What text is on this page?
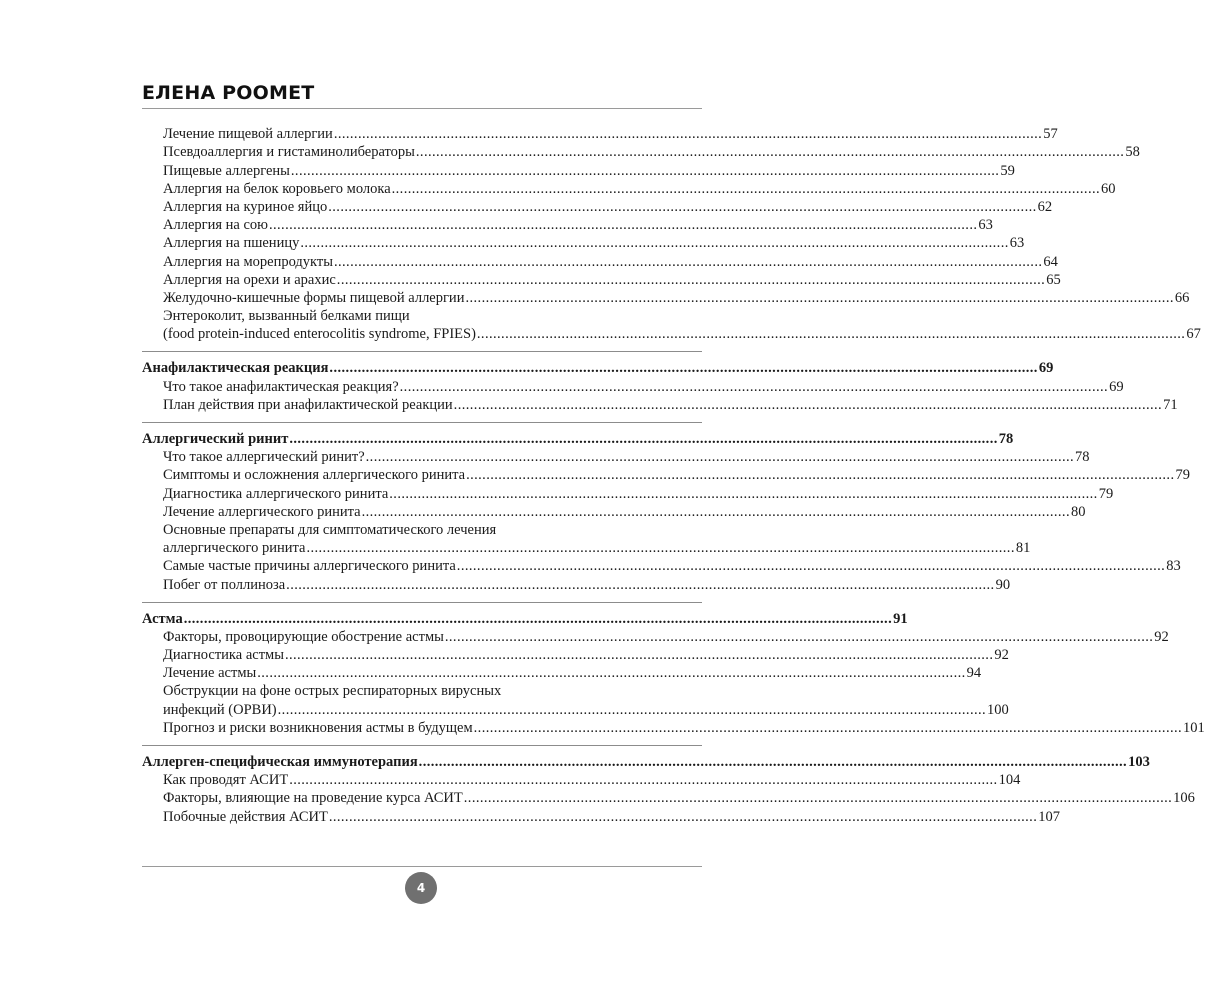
ЕЛЕНА РООМЕТ
Лечение пищевой аллергии .....	57
Псевдоаллергия и гистаминолибераторы .....	58
Пищевые аллергены .....	59
Аллергия на белок коровьего молока .....	60
Аллергия на куриное яйцо .....	62
Аллергия на сою .....	63
Аллергия на пшеницу .....	63
Аллергия на морепродукты .....	64
Аллергия на орехи и арахис .....	65
Желудочно-кишечные формы пищевой аллергии .....	66
Энтероколит, вызванный белками пищи
(food protein-induced enterocolitis syndrome, FPIES) .....	67
Анафилактическая реакция .....	69
Что такое анафилактическая реакция? .....	69
План действия при анафилактической реакции .....	71
Аллергический ринит .....	78
Что такое аллергический ринит? .....	78
Симптомы и осложнения аллергического ринита .....	79
Диагностика аллергического ринита .....	79
Лечение аллергического ринита .....	80
Основные препараты для симптоматического лечения
аллергического ринита .....	81
Самые частые причины аллергического ринита .....	83
Побег от поллиноза .....	90
Астма .....	91
Факторы, провоцирующие обострение астмы .....	92
Диагностика астмы .....	92
Лечение астмы .....	94
Обструкции на фоне острых респираторных вирусных
инфекций (ОРВИ) .....	100
Прогноз и риски возникновения астмы в будущем .....	101
Аллерген-специфическая иммунотерапия .....	103
Как проводят АСИТ .....	104
Факторы, влияющие на проведение курса АСИТ .....	106
Побочные действия АСИТ .....	107
4
